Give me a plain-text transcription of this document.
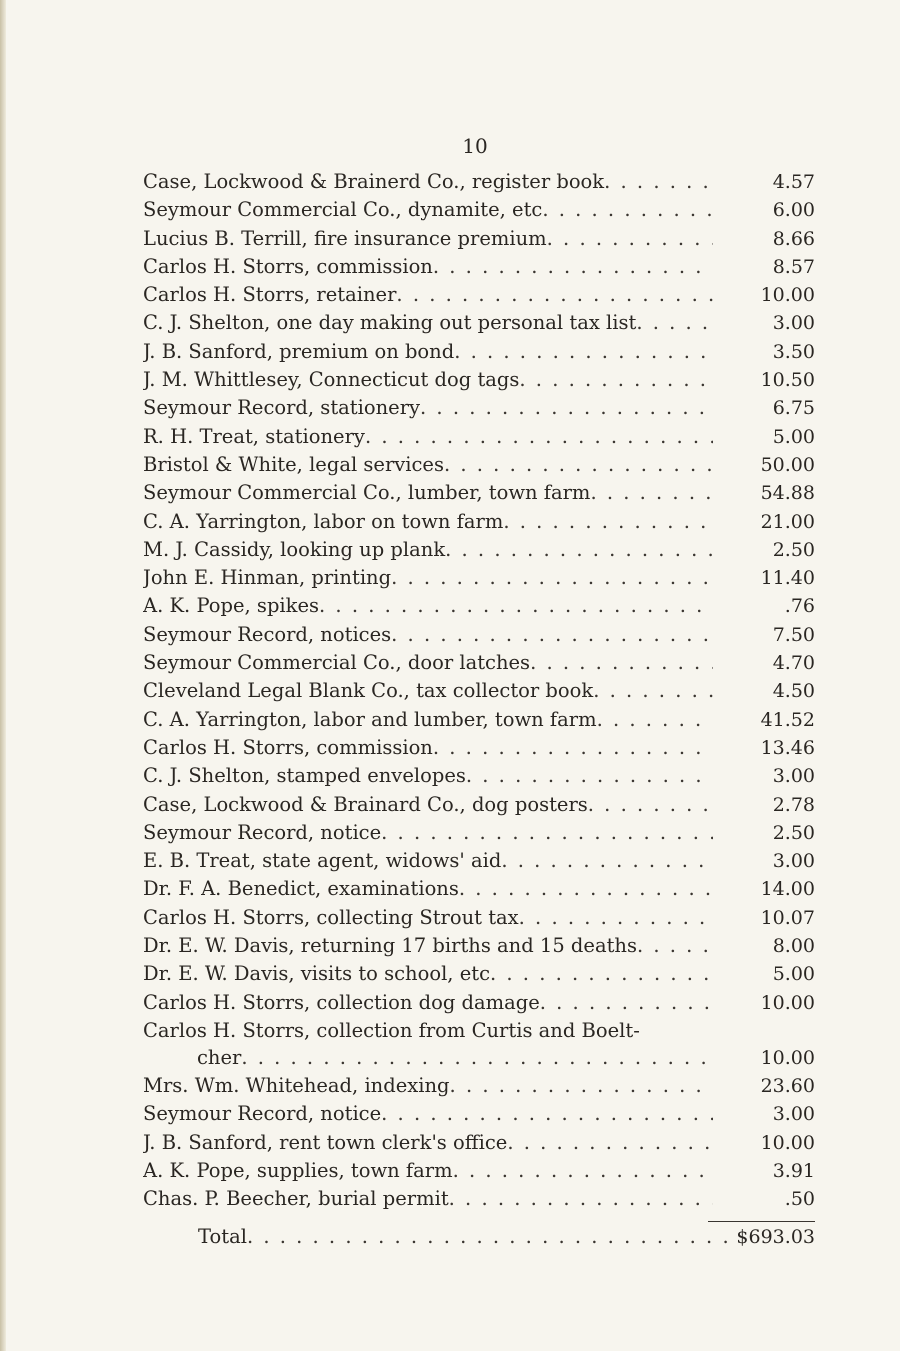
10
Case, Lockwood & Brainerd Co., register book . . .	4.57
Seymour Commercial Co., dynamite, etc . . .	6.00
Lucius B. Terrill, fire insurance premium . . .	8.66
Carlos H. Storrs, commission . . .	8.57
Carlos H. Storrs, retainer . . .	10.00
C. J. Shelton, one day making out personal tax list . . .	3.00
J. B. Sanford, premium on bond . . .	3.50
J. M. Whittlesey, Connecticut dog tags . . .	10.50
Seymour Record, stationery . . .	6.75
R. H. Treat, stationery . . .	5.00
Bristol & White, legal services . . .	50.00
Seymour Commercial Co., lumber, town farm . . .	54.88
C. A. Yarrington, labor on town farm . . .	21.00
M. J. Cassidy, looking up plank . . .	2.50
John E. Hinman, printing . . .	11.40
A. K. Pope, spikes . . .	.76
Seymour Record, notices . . .	7.50
Seymour Commercial Co., door latches . . .	4.70
Cleveland Legal Blank Co., tax collector book . . .	4.50
C. A. Yarrington, labor and lumber, town farm . . .	41.52
Carlos H. Storrs, commission . . .	13.46
C. J. Shelton, stamped envelopes . . .	3.00
Case, Lockwood & Brainard Co., dog posters . . .	2.78
Seymour Record, notice . . .	2.50
E. B. Treat, state agent, widows' aid . . .	3.00
Dr. F. A. Benedict, examinations . . .	14.00
Carlos H. Storrs, collecting Strout tax . . .	10.07
Dr. E. W. Davis, returning 17 births and 15 deaths . . .	8.00
Dr. E. W. Davis, visits to school, etc . . .	5.00
Carlos H. Storrs, collection dog damage . . .	10.00
Carlos H. Storrs, collection from Curtis and Boelt-
cher . . .	10.00
Mrs. Wm. Whitehead, indexing . . .	23.60
Seymour Record, notice . . .	3.00
J. B. Sanford, rent town clerk's office . . .	10.00
A. K. Pope, supplies, town farm . . .	3.91
Chas. P. Beecher, burial permit . . .	.50
Total . . .	$693.03
